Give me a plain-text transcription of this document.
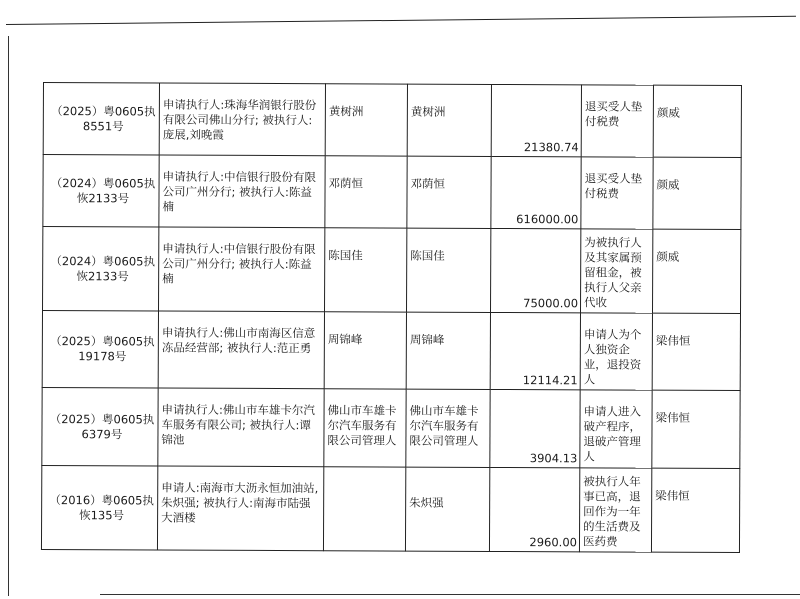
（2025）粤0605执8551号	申请执行人:珠海华润银行股份有限公司佛山分行; 被执行人:庞展,刘晚霞	黄树洲	黄树洲	21380.74	退买受人垫付税费	颜威
（2024）粤0605执恢2133号	申请执行人:中信银行股份有限公司广州分行; 被执行人:陈益楠	邓荫恒	邓荫恒	616000.00	退买受人垫付税费	颜威
（2024）粤0605执恢2133号	申请执行人:中信银行股份有限公司广州分行; 被执行人:陈益楠	陈国佳	陈国佳	75000.00	为被执行人及其家属预留租金，被执行人父亲代收	颜威
（2025）粤0605执19178号	申请执行人:佛山市南海区信意冻品经营部; 被执行人:范正勇	周锦峰	周锦峰	12114.21	申请人为个人独资企业，退投资人	梁伟恒
（2025）粤0605执6379号	申请执行人:佛山市车雄卡尔汽车服务有限公司; 被执行人:谭锦池	佛山市车雄卡尔汽车服务有限公司管理人	佛山市车雄卡尔汽车服务有限公司管理人	3904.13	申请人进入破产程序，退破产管理人	梁伟恒
（2016）粤0605执恢135号	申请人:南海市大沥永恒加油站,朱炽强; 被执行人:南海市陆强大酒楼		朱炽强	2960.00	被执行人年事已高，退回作为一年的生活费及医药费	梁伟恒
